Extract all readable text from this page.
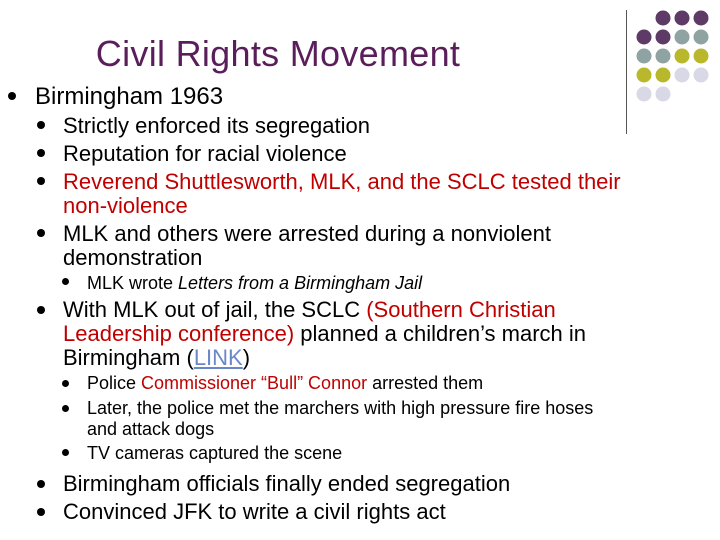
Civil Rights Movement
Birmingham 1963
Strictly enforced its segregation
Reputation for racial violence
Reverend Shuttlesworth, MLK, and the SCLC tested their
non-violence
MLK and others were arrested during a nonviolent
demonstration
MLK wrote Letters from a Birmingham Jail
With MLK out of jail, the SCLC (Southern Christian
Leadership conference) planned a children’s march in
Birmingham (LINK)
Police Commissioner “Bull” Connor arrested them
Later, the police met the marchers with high pressure fire hoses
and attack dogs
TV cameras captured the scene
Birmingham officials finally ended segregation
Convinced JFK to write a civil rights act
